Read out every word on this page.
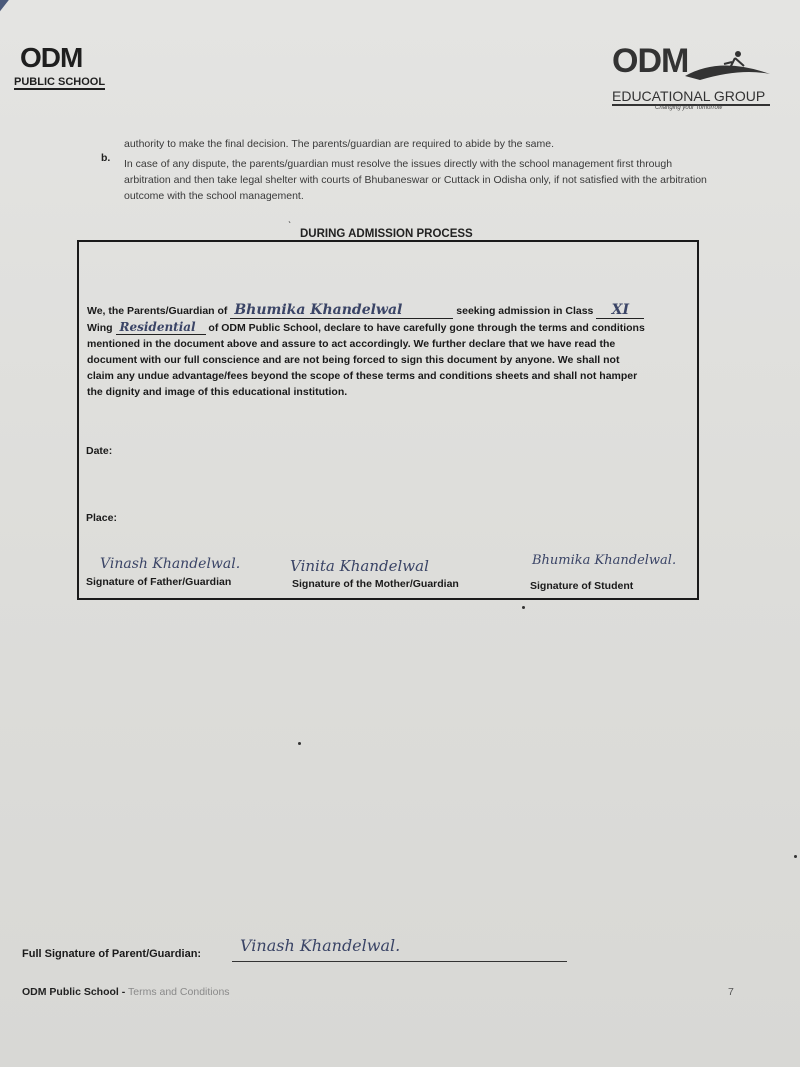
ODM
PUBLIC SCHOOL
ODM
EDUCATIONAL GROUP
Changing your Tomorrow
authority to make the final decision. The parents/guardian are required to abide by the same.
b. In case of any dispute, the parents/guardian must resolve the issues directly with the school management first through arbitration and then take legal shelter with courts of Bhubaneswar or Cuttack in Odisha only, if not satisfied with the arbitration outcome with the school management.
ˋ
DURING ADMISSION PROCESS
We, the Parents/Guardian of Bhumika Khandelwal	seeking admission in Class XI
Wing Residential of ODM Public School, declare to have carefully gone through the terms and conditions
mentioned in the document above and assure to act accordingly. We further declare that we have read the
document with our full conscience and are not being forced to sign this document by anyone. We shall not
claim any undue advantage/fees beyond the scope of these terms and conditions sheets and shall not hamper
the dignity and image of this educational institution.
Date:
Place:
Vinash Khandelwal.
Signature of Father/Guardian
Vinita Khandelwal
Signature of the Mother/Guardian
Bhumika Khandelwal.
Signature of Student
Full Signature of Parent/Guardian: Vinash Khandelwal.
ODM Public School - Terms and Conditions	7
